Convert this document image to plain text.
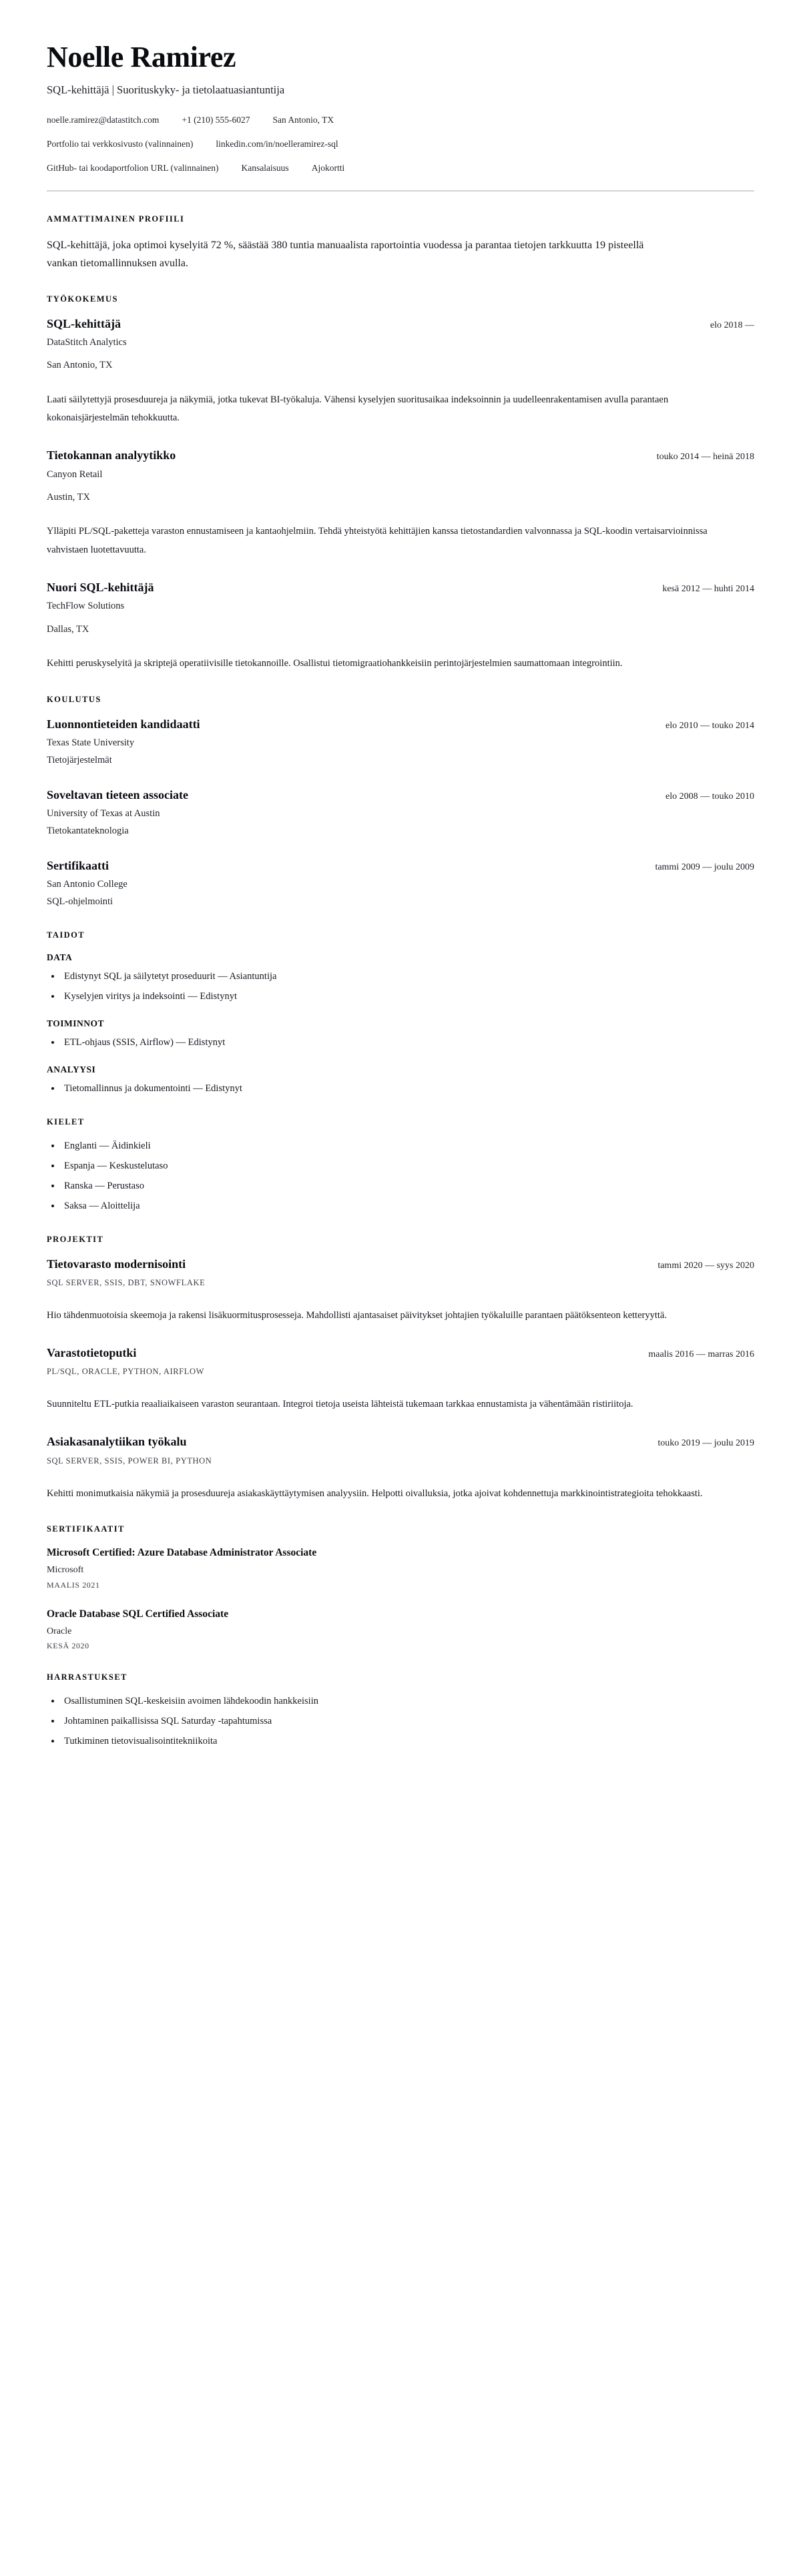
Noelle Ramirez
SQL-kehittäjä | Suorituskyky- ja tietolaatuasiantuntija
noelle.ramirez@datastitch.com	+1 (210) 555-6027	San Antonio, TX
Portfolio tai verkkosivusto (valinnainen)	linkedin.com/in/noelleramirez-sql
GitHub- tai koodaportfolion URL (valinnainen)	Kansalaisuus	Ajokortti
AMMATTIMAINEN PROFIILI

SQL-kehittäjä, joka optimoi kyselyitä 72 %, säästää 380 tuntia manuaalista raportointia vuodessa ja parantaa tietojen tarkkuutta 19 pisteellä vankan tietomallinnuksen avulla.

TYÖKOKEMUS
SQL-kehittäjä	elo 2018 —

DataStitch Analytics

San Antonio, TX

Laati säilytettyjä prosesduureja ja näkymiä, jotka tukevat BI-työkaluja. Vähensi kyselyjen suoritusaikaa indeksoinnin ja uudelleenrakentamisen avulla parantaen kokonaisjärjestelmän tehokkuutta.

Tietokannan analyytikko	touko 2014 — heinä 2018

Canyon Retail

Austin, TX

Ylläpiti PL/SQL-paketteja varaston ennustamiseen ja kantaohjelmiin. Tehdä yhteistyötä kehittäjien kanssa tietostandardien valvonnassa ja SQL-koodin vertaisarvioinnissa vahvistaen luotettavuutta.

Nuori SQL-kehittäjä	kesä 2012 — huhti 2014

TechFlow Solutions

Dallas, TX

Kehitti peruskyselyitä ja skriptejä operatiivisille tietokannoille. Osallistui tietomigraatiohankkeisiin perintojärjestelmien saumattomaan integrointiin.

KOULUTUS
Luonnontieteiden kandidaatti	elo 2010 — touko 2014

Texas State University

Tietojärjestelmät

Soveltavan tieteen associate	elo 2008 — touko 2010

University of Texas at Austin

Tietokantateknologia

Sertifikaatti	tammi 2009 — joulu 2009

San Antonio College

SQL-ohjelmointi

TAIDOT
DATA
Edistynyt SQL ja säilytetyt proseduurit — Asiantuntija
Kyselyjen viritys ja indeksointi — Edistynyt
TOIMINNOT
ETL-ohjaus (SSIS, Airflow) — Edistynyt
ANALYYSI
Tietomallinnus ja dokumentointi — Edistynyt
KIELET
Englanti — Äidinkieli
Espanja — Keskustelutaso
Ranska — Perustaso
Saksa — Aloittelija
PROJEKTIT
Tietovarasto modernisointi	tammi 2020 — syys 2020

SQL SERVER, SSIS, DBT, SNOWFLAKE

Hio tähdenmuotoisia skeemoja ja rakensi lisäkuormitusprosesseja. Mahdollisti ajantasaiset päivitykset johtajien työkaluille parantaen päätöksenteon ketteryyttä.

Varastotietoputki	maalis 2016 — marras 2016

PL/SQL, ORACLE, PYTHON, AIRFLOW

Suunniteltu ETL-putkia reaaliaikaiseen varaston seurantaan. Integroi tietoja useista lähteistä tukemaan tarkkaa ennustamista ja vähentämään ristiriitoja.

Asiakasanalytiikan työkalu	touko 2019 — joulu 2019

SQL SERVER, SSIS, POWER BI, PYTHON

Kehitti monimutkaisia näkymiä ja prosesduureja asiakaskäyttäytymisen analyysiin. Helpotti oivalluksia, jotka ajoivat kohdennettuja markkinointistrategioita tehokkaasti.

SERTIFIKAATIT

Microsoft Certified: Azure Database Administrator Associate

Microsoft

MAALIS 2021

Oracle Database SQL Certified Associate

Oracle

KESÄ 2020

HARRASTUKSET
Osallistuminen SQL-keskeisiin avoimen lähdekoodin hankkeisiin
Johtaminen paikallisissa SQL Saturday -tapahtumissa
Tutkiminen tietovisualisointitekniikoita
